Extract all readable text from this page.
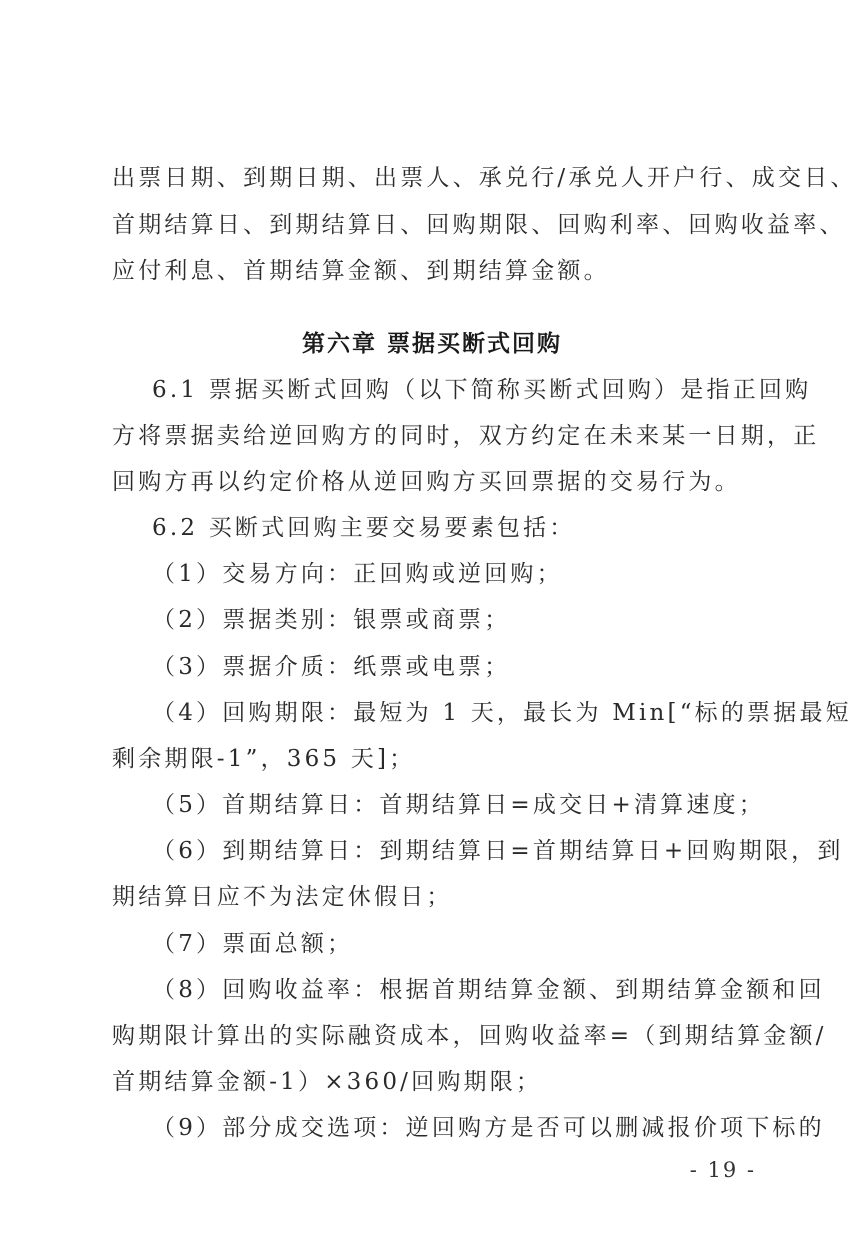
出票日期、到期日期、出票人、承兑行/承兑人开户行、成交日、
首期结算日、到期结算日、回购期限、回购利率、回购收益率、
应付利息、首期结算金额、到期结算金额。
第六章 票据买断式回购
6.1 票据买断式回购（以下简称买断式回购）是指正回购
方将票据卖给逆回购方的同时，双方约定在未来某一日期，正
回购方再以约定价格从逆回购方买回票据的交易行为。
6.2 买断式回购主要交易要素包括：
（1）交易方向：正回购或逆回购；
（2）票据类别：银票或商票；
（3）票据介质：纸票或电票；
（4）回购期限：最短为 1 天，最长为 Min[“标的票据最短
剩余期限-1”，365 天]；
（5）首期结算日：首期结算日=成交日+清算速度；
（6）到期结算日：到期结算日=首期结算日+回购期限，到
期结算日应不为法定休假日；
（7）票面总额；
（8）回购收益率：根据首期结算金额、到期结算金额和回
购期限计算出的实际融资成本，回购收益率=（到期结算金额/
首期结算金额-1）×360/回购期限；
（9）部分成交选项：逆回购方是否可以删减报价项下标的
- 19 -
